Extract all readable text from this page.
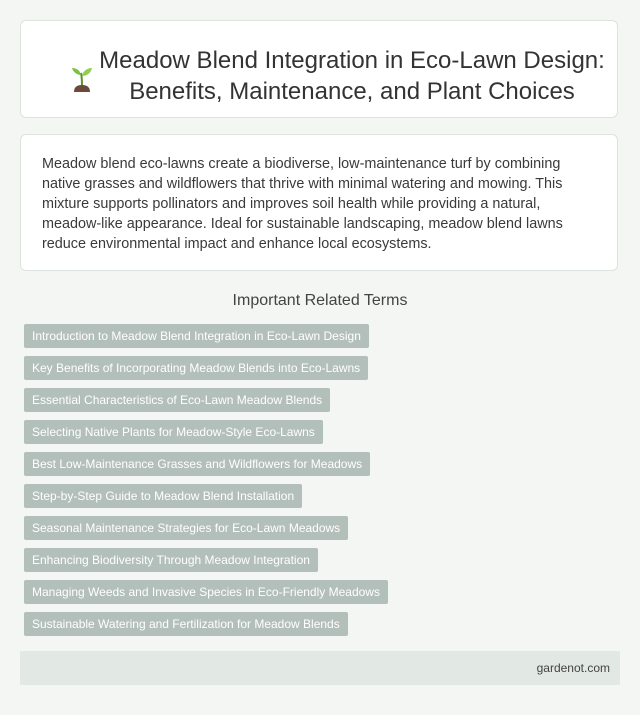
Meadow Blend Integration in Eco-Lawn Design: Benefits, Maintenance, and Plant Choices

Meadow blend eco-lawns create a biodiverse, low-maintenance turf by combining native grasses and wildflowers that thrive with minimal watering and mowing. This mixture supports pollinators and improves soil health while providing a natural, meadow-like appearance. Ideal for sustainable landscaping, meadow blend lawns reduce environmental impact and enhance local ecosystems.

Important Related Terms
Introduction to Meadow Blend Integration in Eco-Lawn Design
Key Benefits of Incorporating Meadow Blends into Eco-Lawns
Essential Characteristics of Eco-Lawn Meadow Blends
Selecting Native Plants for Meadow-Style Eco-Lawns
Best Low-Maintenance Grasses and Wildflowers for Meadows
Step-by-Step Guide to Meadow Blend Installation
Seasonal Maintenance Strategies for Eco-Lawn Meadows
Enhancing Biodiversity Through Meadow Integration
Managing Weeds and Invasive Species in Eco-Friendly Meadows
Sustainable Watering and Fertilization for Meadow Blends
gardenot.com
